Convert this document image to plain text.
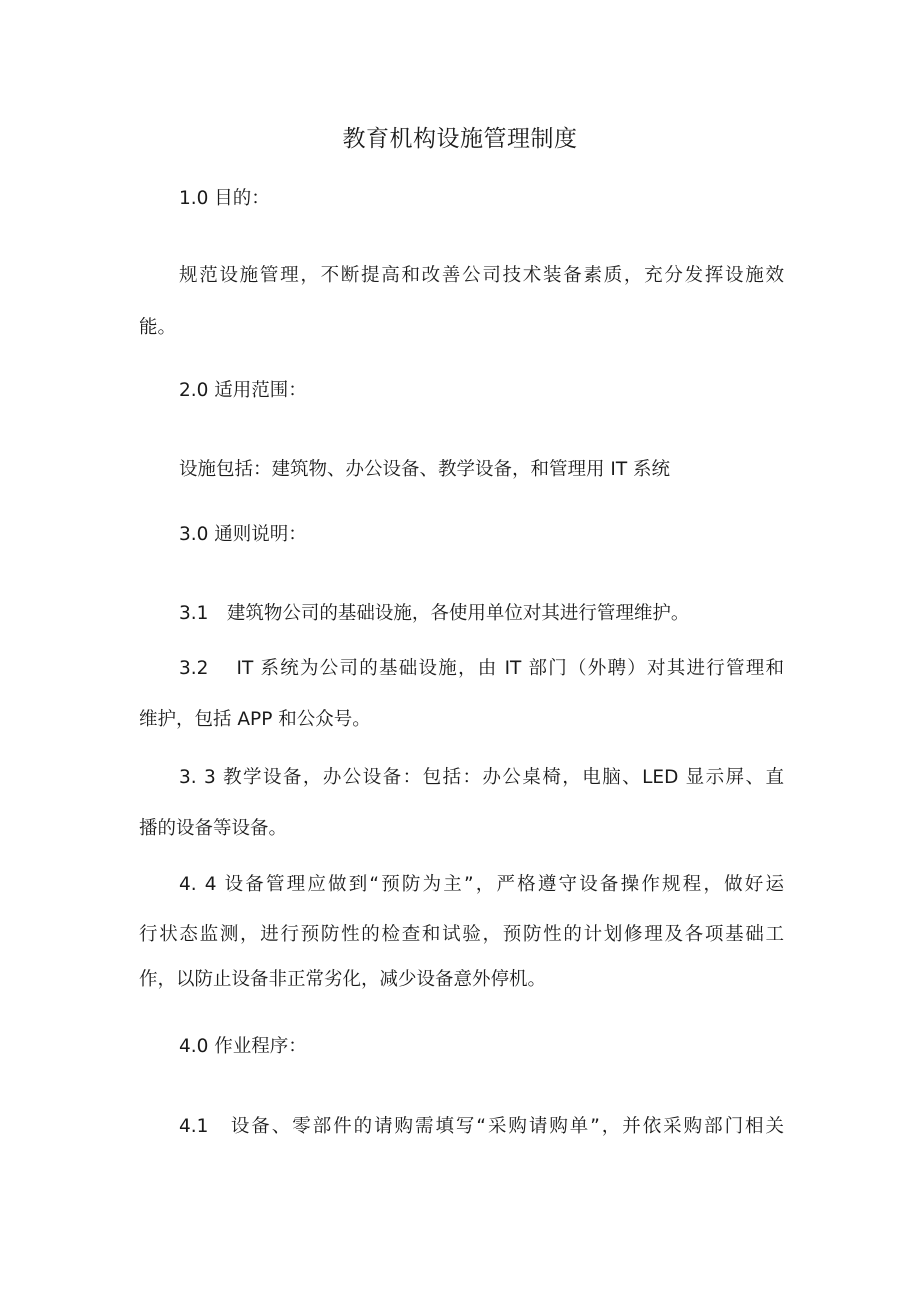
教育机构设施管理制度

1.0 目的：

规范设施管理，不断提高和改善公司技术装备素质，充分发挥设施效

能。

2.0 适用范围：

设施包括：建筑物、办公设备、教学设备，和管理用 IT 系统

3.0 通则说明：

3.1　建筑物公司的基础设施，各使用单位对其进行管理维护。

3.2　 IT 系统为公司的基础设施，由 IT 部门（外聘）对其进行管理和

维护，包括 APP 和公众号。

3. 3 教学设备，办公设备：包括：办公桌椅，电脑、LED 显示屏、直

播的设备等设备。

4. 4 设备管理应做到“预防为主”，严格遵守设备操作规程，做好运

行状态监测，进行预防性的检查和试验，预防性的计划修理及各项基础工

作，以防止设备非正常劣化，减少设备意外停机。

4.0 作业程序：

4.1　设备、零部件的请购需填写“采购请购单”，并依采购部门相关
